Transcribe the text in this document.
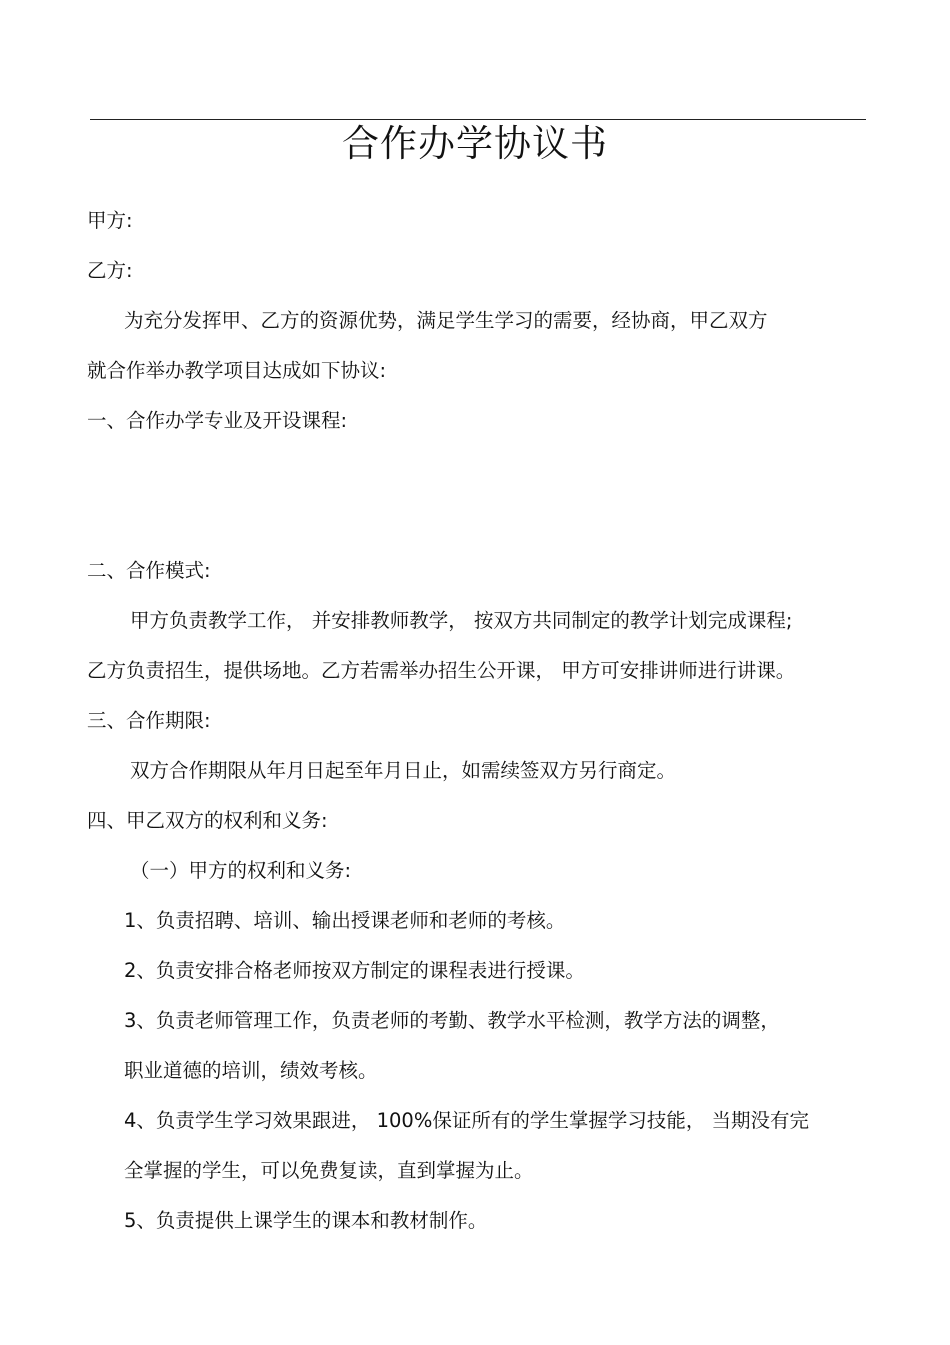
合作办学协议书
甲方:
乙方:
为充分发挥甲、乙方的资源优势，满足学生学习的需要，经协商，甲乙双方
就合作举办教学项目达成如下协议:
一、合作办学专业及开设课程:
二、合作模式:
甲方负责教学工作， 并安排教师教学， 按双方共同制定的教学计划完成课程;
乙方负责招生，提供场地。乙方若需举办招生公开课， 甲方可安排讲师进行讲课。
三、合作期限:
双方合作期限从年月日起至年月日止，如需续签双方另行商定。
四、甲乙双方的权利和义务:
（一）甲方的权利和义务:
1、负责招聘、培训、输出授课老师和老师的考核。
2、负责安排合格老师按双方制定的课程表进行授课。
3、负责老师管理工作，负责老师的考勤、教学水平检测，教学方法的调整，
职业道德的培训，绩效考核。
4、负责学生学习效果跟进， 100%保证所有的学生掌握学习技能， 当期没有完
全掌握的学生，可以免费复读，直到掌握为止。
5、负责提供上课学生的课本和教材制作。
